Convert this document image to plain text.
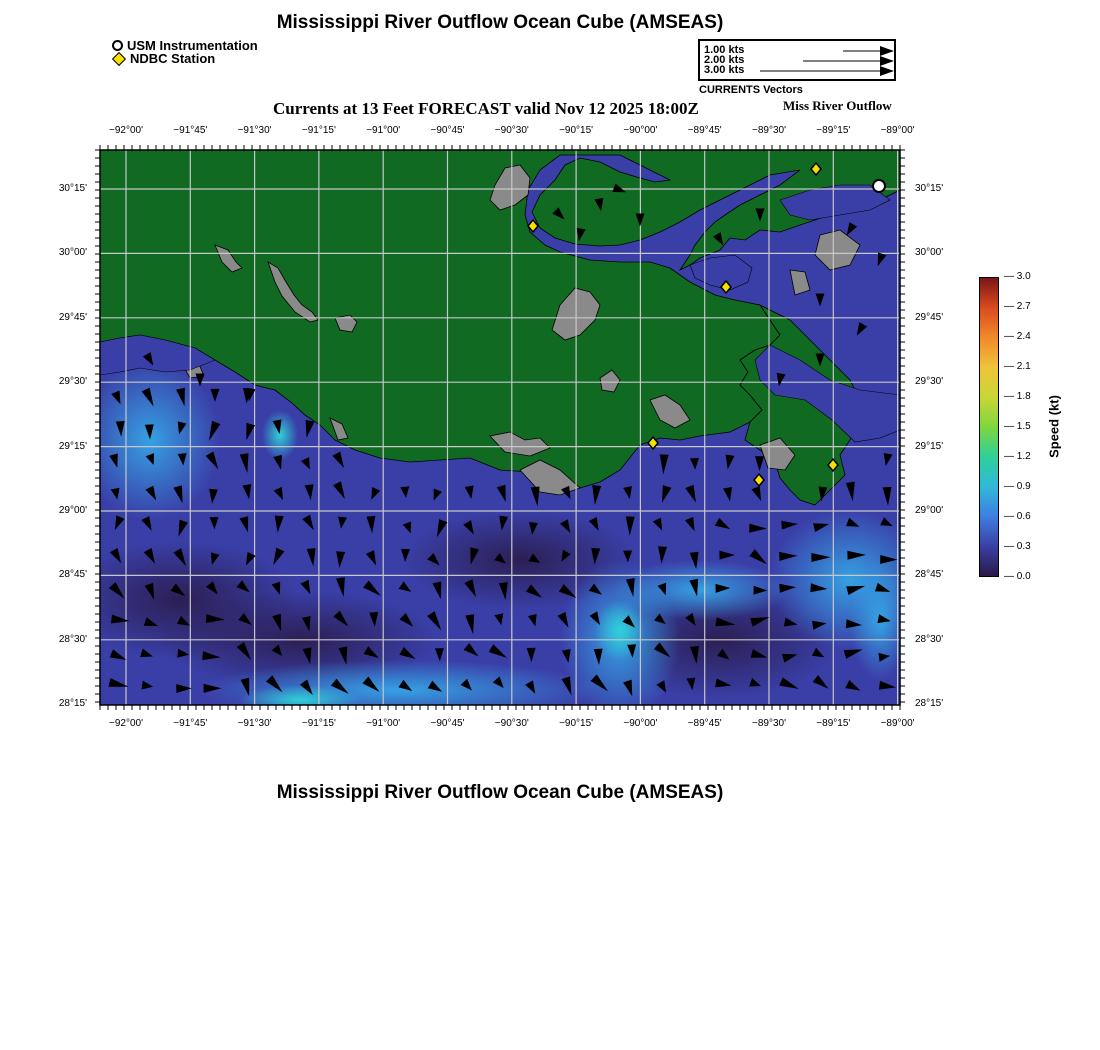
Mississippi River Outflow Ocean Cube (AMSEAS)
USM Instrumentation
NDBC Station
1.00 kts
2.00 kts
3.00 kts
CURRENTS Vectors
Currents at 13 Feet FORECAST valid Nov 12 2025 18:00Z	Miss River Outflow
Speed (kt)
Mississippi River Outflow Ocean Cube (AMSEAS)
−92°00'
−92°00'
−91°45'
−91°45'
−91°30'
−91°30'
−91°15'
−91°15'
−91°00'
−91°00'
−90°45'
−90°45'
−90°30'
−90°30'
−90°15'
−90°15'
−90°00'
−90°00'
−89°45'
−89°45'
−89°30'
−89°30'
−89°15'
−89°15'
−89°00'
−89°00'
30°15'	30°15'
30°00'	30°00'
29°45'	29°45'
29°30'	29°30'
29°15'	29°15'
29°00'	29°00'
28°45'	28°45'
28°30'	28°30'
28°15'	28°15'
— 3.0
— 2.7
— 2.4
— 2.1
— 1.8
— 1.5
— 1.2
— 0.9
— 0.6
— 0.3
— 0.0
